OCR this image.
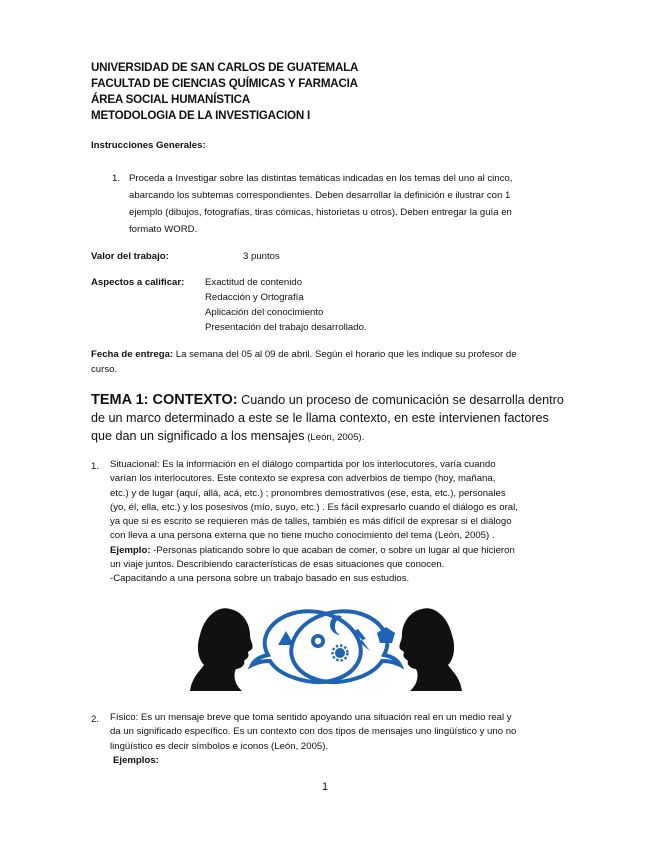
UNIVERSIDAD DE SAN CARLOS DE GUATEMALA
FACULTAD DE CIENCIAS QUÍMICAS Y FARMACIA
ÁREA SOCIAL HUMANÍSTICA
METODOLOGIA DE LA INVESTIGACION I
Instrucciones Generales:
1. Proceda a Investigar sobre las distintas temáticas indicadas en los temas del uno al cinco,
abarcando los subtemas correspondientes. Deben desarrollar la definición e ilustrar con 1
ejemplo (dibujos, fotografías, tiras cómicas, historietas u otros). Deben entregar la guía en
formato WORD.
Valor del trabajo:	3 puntos
Aspectos a calificar: Exactitud de contenido
Redacción y Ortografía
Aplicación del conocimiento
Presentación del trabajo desarrollado.
Fecha de entrega: La semana del 05 al 09 de abril. Según el horario que les indique su profesor de
curso.
TEMA 1: CONTEXTO: Cuando un proceso de comunicación se desarrolla dentro de un marco determinado a este se le llama contexto, en este intervienen factores que dan un significado a los mensajes (León, 2005).
1. Situacional: Es la información en el diálogo compartida por los interlocutores, varía cuando
varían los interlocutores. Este contexto se expresa con adverbios de tiempo (hoy, mañana,
etc.) y de lugar (aquí, allá, acá, etc.) ; pronombres demostrativos (ese, esta, etc.), personales
(yo, él, ella, etc.) y los posesivos (mío, suyo, etc.) . Es fácil expresarlo cuando el diálogo es oral,
ya que si es escrito se requieren más de talles, también es más difícil de expresar si el diálogo
con lleva a una persona externa que no tiene mucho conocimiento del tema (León, 2005) .
Ejemplo: -Personas platicando sobre lo que acaban de comer, o sobre un lugar al que hicieron
un viaje juntos. Describiendo características de esas situaciones que conocen.
-Capacitando a una persona sobre un trabajo basado en sus estudios.
2. Físico: Es un mensaje breve que toma sentido apoyando una situación real en un medio real y
da un significado específico. Es un contexto con dos tipos de mensajes uno lingüístico y uno no
lingüístico es decir símbolos e iconos (León, 2005).
Ejemplos:
1
